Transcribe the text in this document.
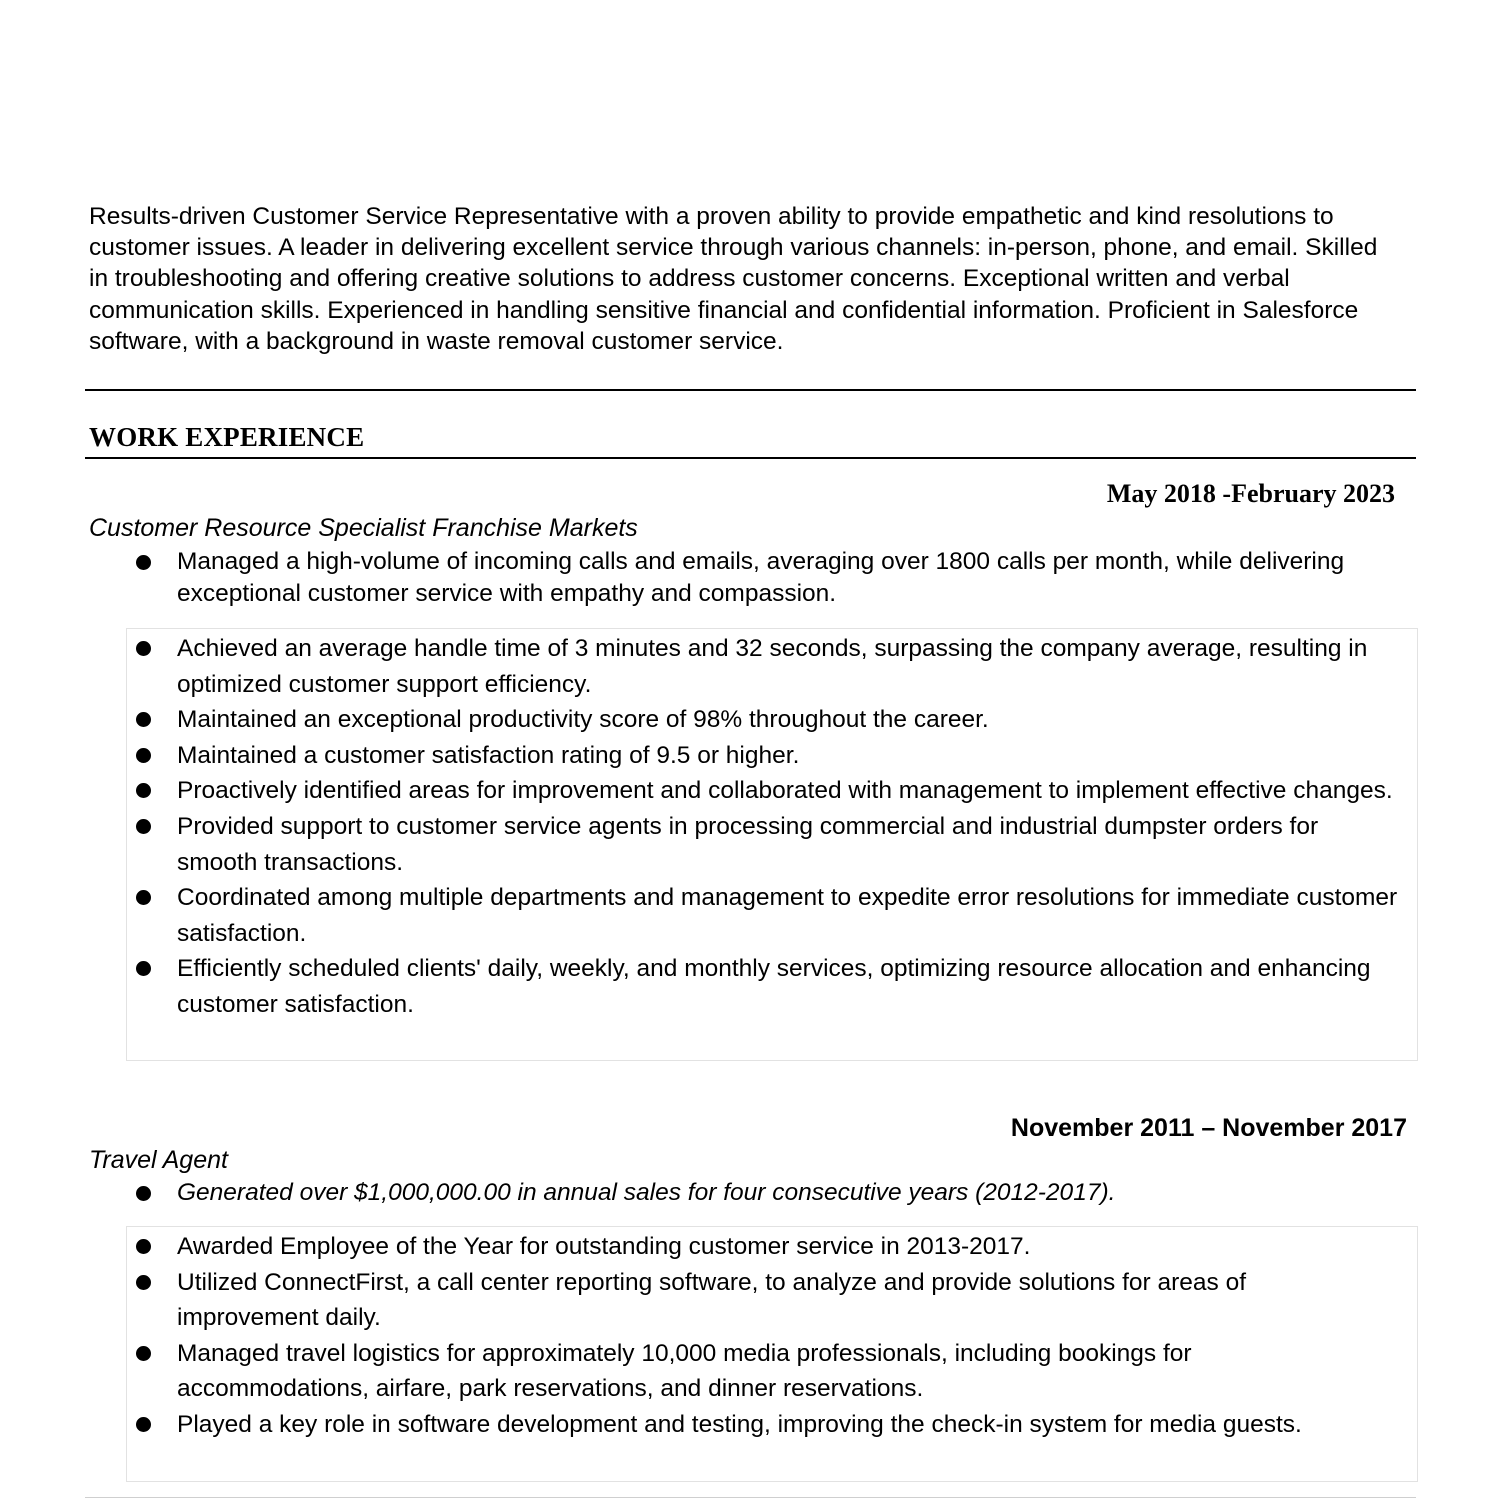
Results-driven Customer Service Representative with a proven ability to provide empathetic and kind resolutions to customer issues. A leader in delivering excellent service through various channels: in-person, phone, and email. Skilled in troubleshooting and offering creative solutions to address customer concerns. Exceptional written and verbal communication skills. Experienced in handling sensitive financial and confidential information. Proficient in Salesforce software, with a background in waste removal customer service.

WORK EXPERIENCE

May 2018 -February 2023

Customer Resource Specialist Franchise Markets

Managed a high-volume of incoming calls and emails, averaging over 1800 calls per month, while delivering exceptional customer service with empathy and compassion.
Achieved an average handle time of 3 minutes and 32 seconds, surpassing the company average, resulting in optimized customer support efficiency.
Maintained an exceptional productivity score of 98% throughout the career.
Maintained a customer satisfaction rating of 9.5 or higher.
Proactively identified areas for improvement and collaborated with management to implement effective changes.
Provided support to customer service agents in processing commercial and industrial dumpster orders for smooth transactions.
Coordinated among multiple departments and management to expedite error resolutions for immediate customer satisfaction.
Efficiently scheduled clients' daily, weekly, and monthly services, optimizing resource allocation and enhancing customer satisfaction.

November 2011 – November 2017

Travel Agent

Generated over $1,000,000.00 in annual sales for four consecutive years (2012-2017).
Awarded Employee of the Year for outstanding customer service in 2013-2017.
Utilized ConnectFirst, a call center reporting software, to analyze and provide solutions for areas of improvement daily.
Managed travel logistics for approximately 10,000 media professionals, including bookings for accommodations, airfare, park reservations, and dinner reservations.
Played a key role in software development and testing, improving the check-in system for media guests.
